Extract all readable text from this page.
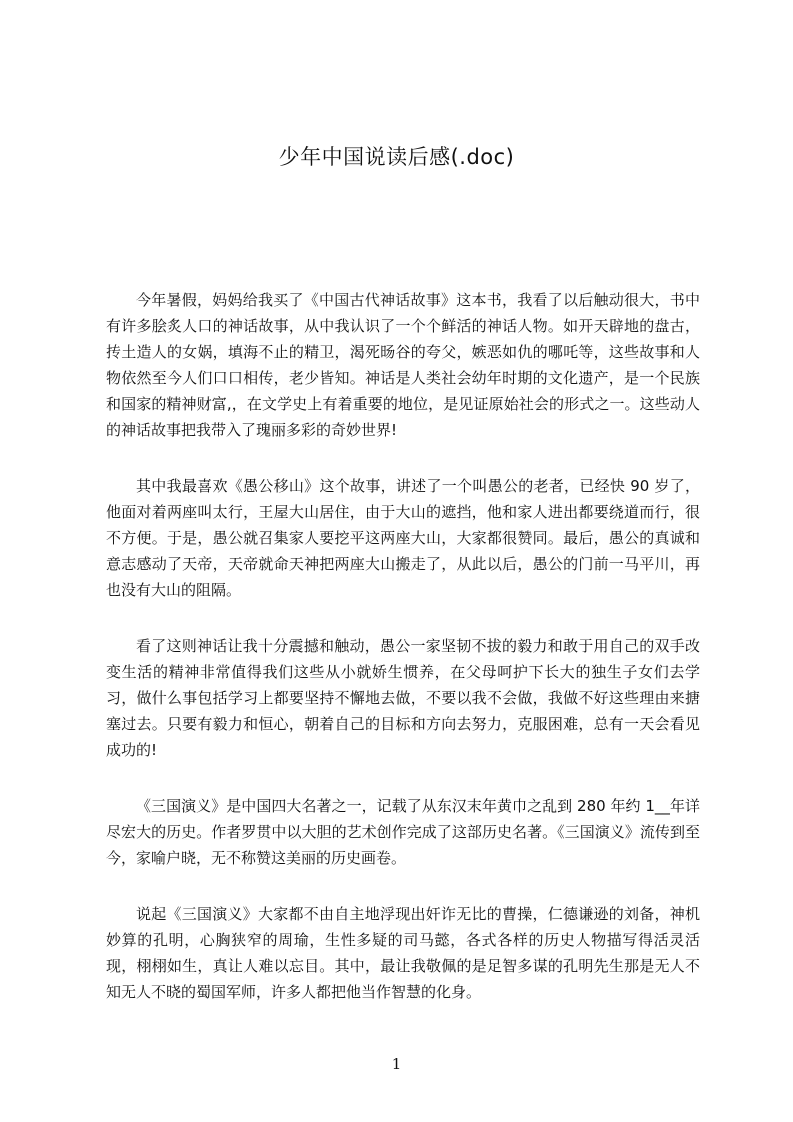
少年中国说读后感(.doc)

今年暑假，妈妈给我买了《中国古代神话故事》这本书，我看了以后触动很大，书中有许多脍炙人口的神话故事，从中我认识了一个个鲜活的神话人物。如开天辟地的盘古，抟土造人的女娲，填海不止的精卫，渴死旸谷的夸父，嫉恶如仇的哪吒等，这些故事和人物依然至今人们口口相传，老少皆知。神话是人类社会幼年时期的文化遗产，是一个民族和国家的精神财富,，在文学史上有着重要的地位，是见证原始社会的形式之一。这些动人的神话故事把我带入了瑰丽多彩的奇妙世界!

其中我最喜欢《愚公移山》这个故事，讲述了一个叫愚公的老者，已经快 90 岁了，他面对着两座叫太行，王屋大山居住，由于大山的遮挡，他和家人进出都要绕道而行，很不方便。于是，愚公就召集家人要挖平这两座大山，大家都很赞同。最后，愚公的真诚和意志感动了天帝，天帝就命天神把两座大山搬走了，从此以后，愚公的门前一马平川，再也没有大山的阻隔。

看了这则神话让我十分震撼和触动，愚公一家坚韧不拔的毅力和敢于用自己的双手改变生活的精神非常值得我们这些从小就娇生惯养，在父母呵护下长大的独生子女们去学习，做什么事包括学习上都要坚持不懈地去做，不要以我不会做，我做不好这些理由来搪塞过去。只要有毅力和恒心，朝着自己的目标和方向去努力，克服困难，总有一天会看见成功的!

《三国演义》是中国四大名著之一，记载了从东汉末年黄巾之乱到 280 年约 1__年详尽宏大的历史。作者罗贯中以大胆的艺术创作完成了这部历史名著。《三国演义》流传到至今，家喻户晓，无不称赞这美丽的历史画卷。

说起《三国演义》大家都不由自主地浮现出奸诈无比的曹操，仁德谦逊的刘备，神机妙算的孔明，心胸狭窄的周瑜，生性多疑的司马懿，各式各样的历史人物描写得活灵活现，栩栩如生，真让人难以忘目。其中，最让我敬佩的是足智多谋的孔明先生那是无人不知无人不晓的蜀国军师，许多人都把他当作智慧的化身。

1
